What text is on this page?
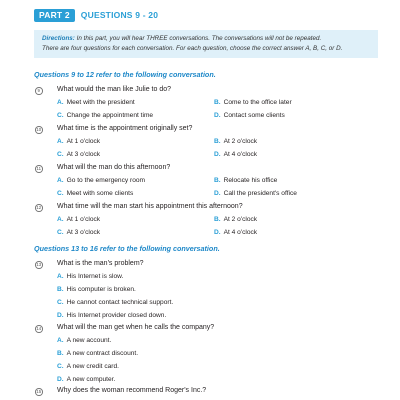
PART 2	QUESTIONS 9 - 20
Directions: In this part, you will hear THREE conversations. The conversations will not be repeated.
There are four questions for each conversation. For each question, choose the correct answer A, B, C, or D.
Questions 9 to 12 refer to the following conversation.
9	What would the man like Julie to do?
A. Meet with the president	B. Come to the office later
C. Change the appointment time	D. Contact some clients
10 What time is the appointment originally set?
A. At 1 o'clock	B. At 2 o'clock
C. At 3 o'clock	D. At 4 o'clock
11 What will the man do this afternoon?
A. Go to the emergency room	B. Relocate his office
C. Meet with some clients	D. Call the president's office
12 What time will the man start his appointment this afternoon?
A. At 1 o'clock	B. At 2 o'clock
C. At 3 o'clock	D. At 4 o'clock
Questions 13 to 16 refer to the following conversation.
13 What is the man's problem?
A. His Internet is slow.
B. His computer is broken.
C. He cannot contact technical support.
D. His Internet provider closed down.
14 What will the man get when he calls the company?
A. A new account.
B. A new contract discount.
C. A new credit card.
D. A new computer.
15 Why does the woman recommend Roger's Inc.?
